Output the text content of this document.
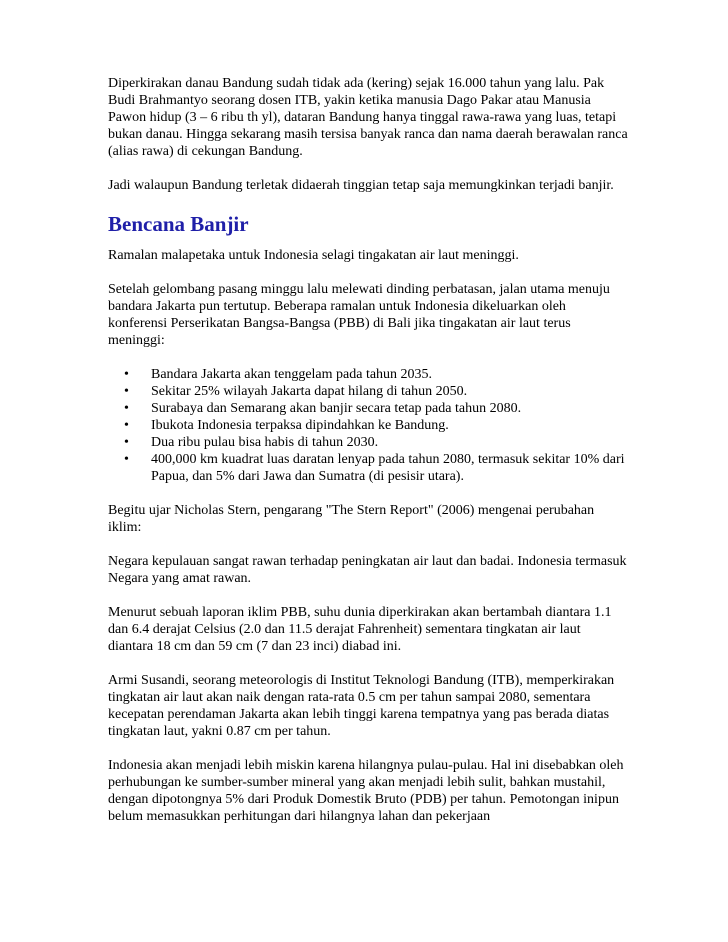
Diperkirakan danau Bandung sudah tidak ada (kering) sejak 16.000 tahun yang lalu. Pak Budi Brahmantyo seorang dosen ITB, yakin ketika manusia Dago Pakar atau Manusia Pawon hidup (3 – 6 ribu th yl), dataran Bandung hanya tinggal rawa-rawa yang luas, tetapi bukan danau. Hingga sekarang masih tersisa banyak ranca dan nama daerah berawalan ranca (alias rawa) di cekungan Bandung.

Jadi walaupun Bandung terletak didaerah tinggian tetap saja memungkinkan terjadi banjir.

Bencana Banjir

Ramalan malapetaka untuk Indonesia selagi tingakatan air laut meninggi.

Setelah gelombang pasang minggu lalu melewati dinding perbatasan, jalan utama menuju bandara Jakarta pun tertutup. Beberapa ramalan untuk Indonesia dikeluarkan oleh konferensi Perserikatan Bangsa-Bangsa (PBB) di Bali jika tingakatan air laut terus meninggi:

• Bandara Jakarta akan tenggelam pada tahun 2035.
• Sekitar 25% wilayah Jakarta dapat hilang di tahun 2050.
• Surabaya dan Semarang akan banjir secara tetap pada tahun 2080.
• Ibukota Indonesia terpaksa dipindahkan ke Bandung.
• Dua ribu pulau bisa habis di tahun 2030.
• 400,000 km kuadrat luas daratan lenyap pada tahun 2080, termasuk sekitar 10% dari Papua, dan 5% dari Jawa dan Sumatra (di pesisir utara).

Begitu ujar Nicholas Stern, pengarang "The Stern Report" (2006) mengenai perubahan iklim:

Negara kepulauan sangat rawan terhadap peningkatan air laut dan badai. Indonesia termasuk Negara yang amat rawan.

Menurut sebuah laporan iklim PBB, suhu dunia diperkirakan akan bertambah diantara 1.1 dan 6.4 derajat Celsius (2.0 dan 11.5 derajat Fahrenheit) sementara tingkatan air laut diantara 18 cm dan 59 cm (7 dan 23 inci) diabad ini.

Armi Susandi, seorang meteorologis di Institut Teknologi Bandung (ITB), memperkirakan tingkatan air laut akan naik dengan rata-rata 0.5 cm per tahun sampai 2080, sementara kecepatan perendaman Jakarta akan lebih tinggi karena tempatnya yang pas berada diatas tingkatan laut, yakni 0.87 cm per tahun.

Indonesia akan menjadi lebih miskin karena hilangnya pulau-pulau. Hal ini disebabkan oleh perhubungan ke sumber-sumber mineral yang akan menjadi lebih sulit, bahkan mustahil, dengan dipotongnya 5% dari Produk Domestik Bruto (PDB) per tahun. Pemotongan inipun belum memasukkan perhitungan dari hilangnya lahan dan pekerjaan
